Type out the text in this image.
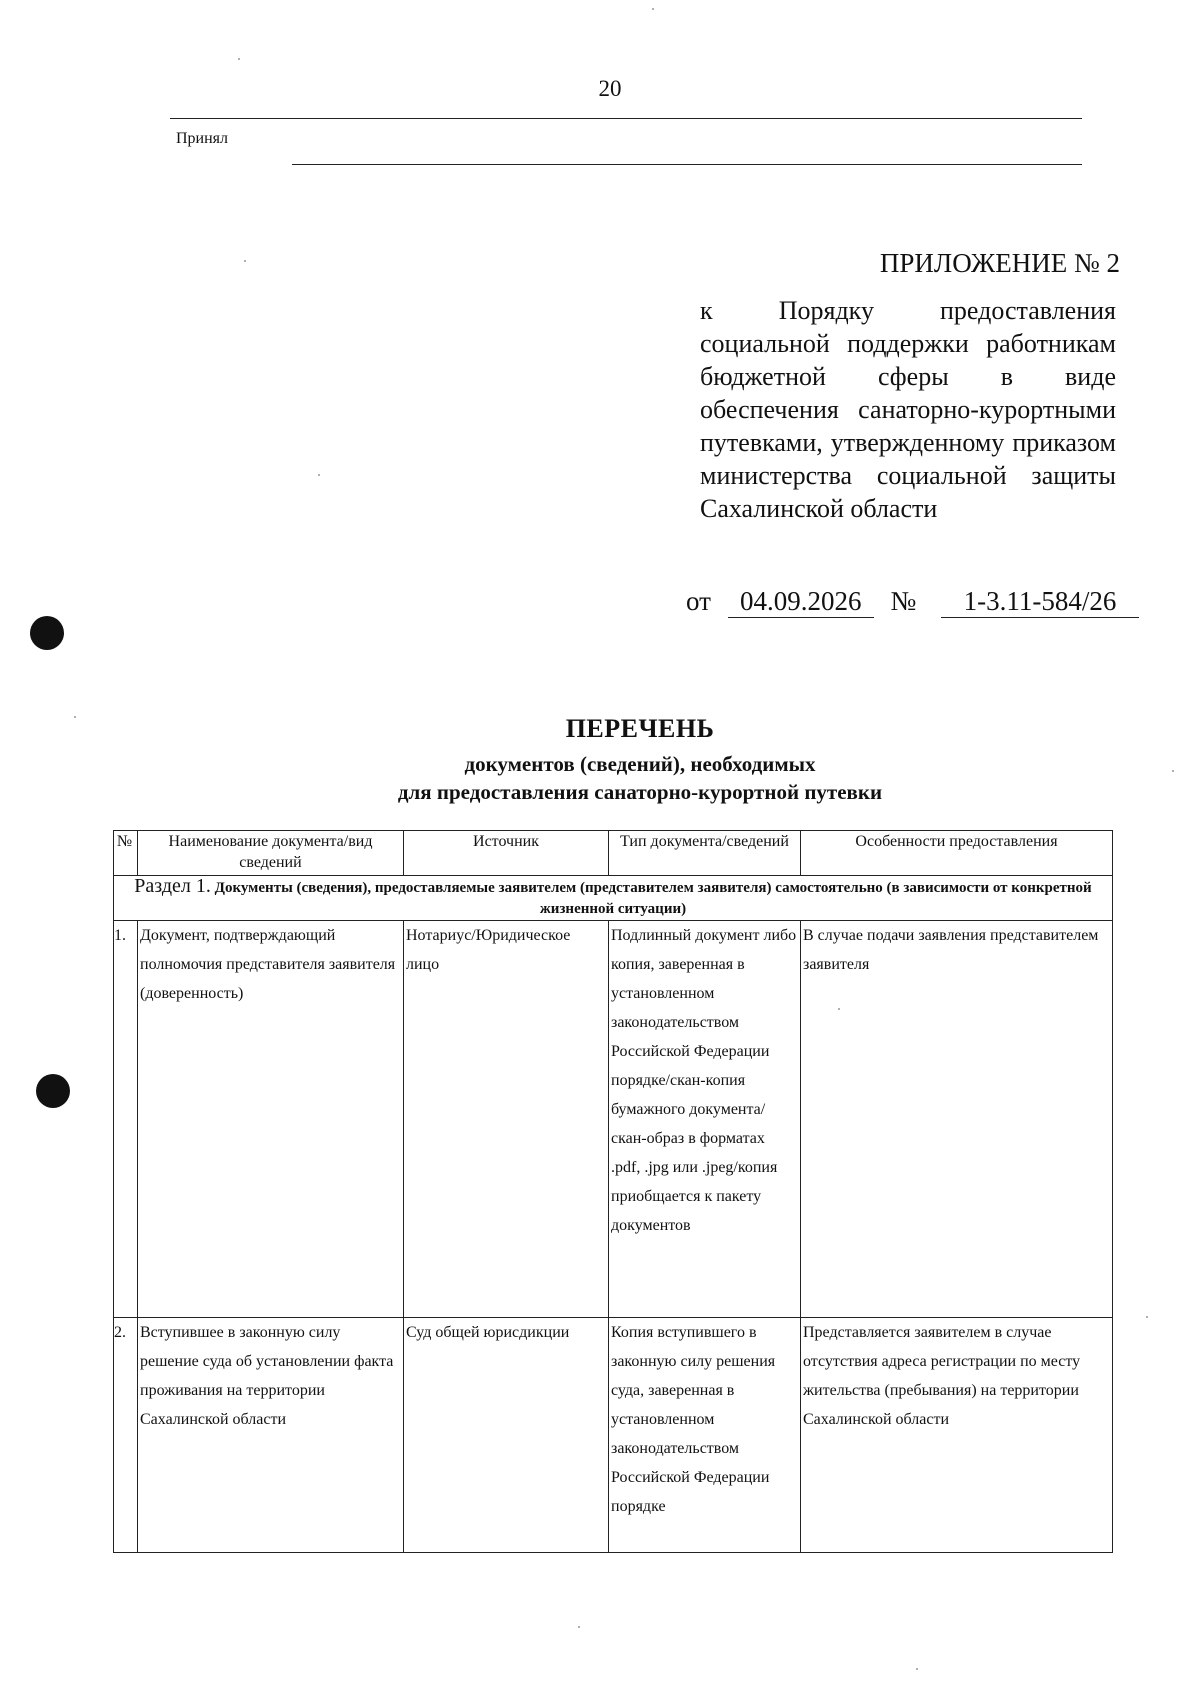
20
Принял
ПРИЛОЖЕНИЕ № 2
к Порядку предоставления социальной поддержки работникам бюджетной сферы в виде обеспечения санаторно-курортными путевками, утвержденному приказом министерства социальной защиты Сахалинской области
от 04.09.2026 № 1-3.11-584/26
ПЕРЕЧЕНЬ
документов (сведений), необходимых
для предоставления санаторно-курортной путевки
№	Наименование документа/вид сведений	Источник	Тип документа/сведений	Особенности предоставления
Раздел 1. Документы (сведения), предоставляемые заявителем (представителем заявителя) самостоятельно (в зависимости от конкретной жизненной ситуации)				
1.	Документ, подтверждающий полномочия представителя заявителя (доверенность)	Нотариус/Юридическое лицо	Подлинный документ либо копия, заверенная в установленном законодательством Российской Федерации порядке/скан-копия бумажного документа/скан-образ в форматах .pdf, .jpg или .jpeg/копия приобщается к пакету документов	В случае подачи заявления представителем заявителя
2.	Вступившее в законную силу решение суда об установлении факта проживания на территории Сахалинской области	Суд общей юрисдикции	Копия вступившего в законную силу решения суда, заверенная в установленном законодательством Российской Федерации порядке	Представляется заявителем в случае отсутствия адреса регистрации по месту жительства (пребывания) на территории Сахалинской области
